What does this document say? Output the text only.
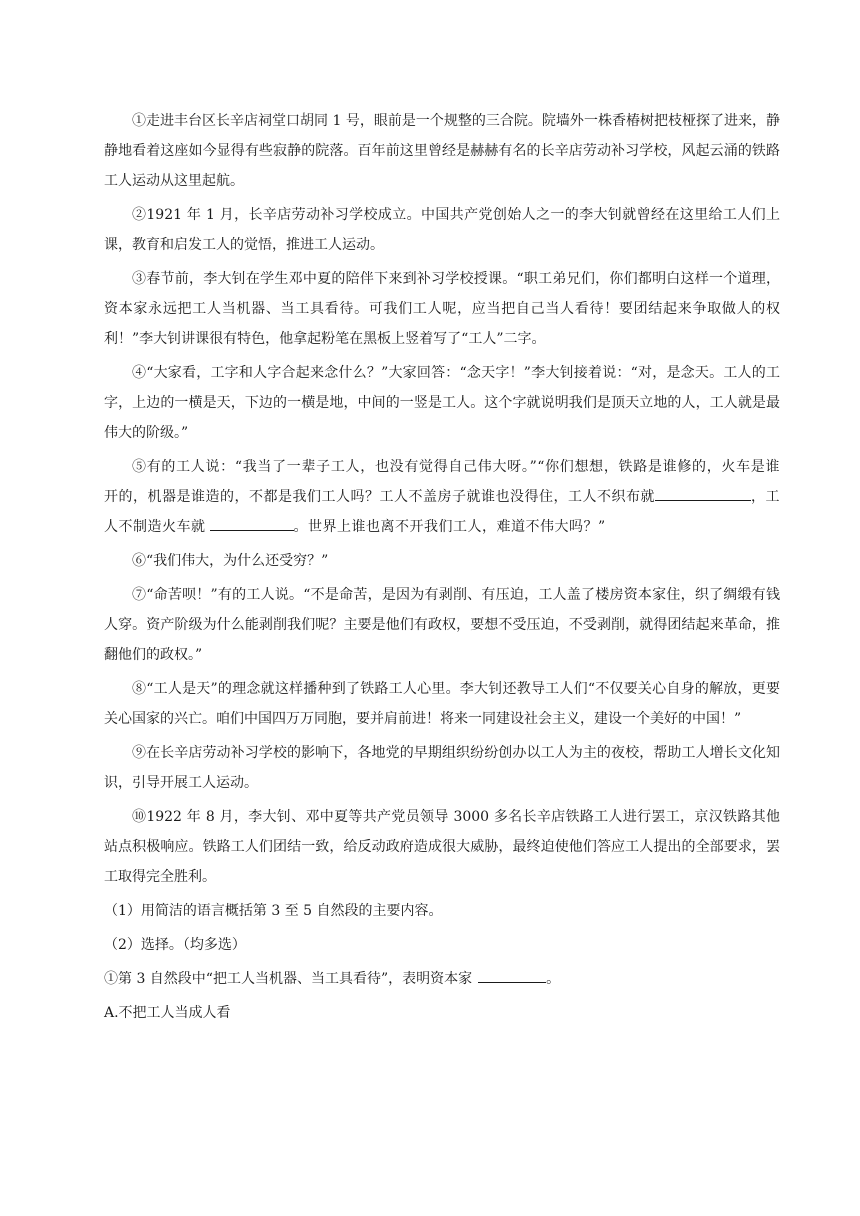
①走进丰台区长辛店祠堂口胡同 1 号，眼前是一个规整的三合院。院墙外一株香椿树把枝桠探了进来，静静地看着这座如今显得有些寂静的院落。百年前这里曾经是赫赫有名的长辛店劳动补习学校，风起云涌的铁路工人运动从这里起航。

②1921 年 1 月，长辛店劳动补习学校成立。中国共产党创始人之一的李大钊就曾经在这里给工人们上课，教育和启发工人的觉悟，推进工人运动。

③春节前，李大钊在学生邓中夏的陪伴下来到补习学校授课。“职工弟兄们，你们都明白这样一个道理，资本家永远把工人当机器、当工具看待。可我们工人呢，应当把自己当人看待！要团结起来争取做人的权利！”李大钊讲课很有特色，他拿起粉笔在黑板上竖着写了“工人”二字。

④“大家看，工字和人字合起来念什么？”大家回答：“念天字！”李大钊接着说：“对，是念天。工人的工字，上边的一横是天，下边的一横是地，中间的一竖是工人。这个字就说明我们是顶天立地的人，工人就是最伟大的阶级。”

⑤有的工人说：“我当了一辈子工人，也没有觉得自己伟大呀。”“你们想想，铁路是谁修的，火车是谁开的，机器是谁造的，不都是我们工人吗？工人不盖房子就谁也没得住，工人不织布就	，工人不制造火车就	。世界上谁也离不开我们工人，难道不伟大吗？”

⑥“我们伟大，为什么还受穷？”

⑦“命苦呗！”有的工人说。“不是命苦，是因为有剥削、有压迫，工人盖了楼房资本家住，织了绸缎有钱人穿。资产阶级为什么能剥削我们呢？主要是他们有政权，要想不受压迫，不受剥削，就得团结起来革命，推翻他们的政权。”

⑧“工人是天”的理念就这样播种到了铁路工人心里。李大钊还教导工人们“不仅要关心自身的解放，更要关心国家的兴亡。咱们中国四万万同胞，要并肩前进！将来一同建设社会主义，建设一个美好的中国！”

⑨在长辛店劳动补习学校的影响下，各地党的早期组织纷纷创办以工人为主的夜校，帮助工人增长文化知识，引导开展工人运动。

⑩1922 年 8 月，李大钊、邓中夏等共产党员领导 3000 多名长辛店铁路工人进行罢工，京汉铁路其他站点积极响应。铁路工人们团结一致，给反动政府造成很大威胁，最终迫使他们答应工人提出的全部要求，罢工取得完全胜利。

（1）用简洁的语言概括第 3 至 5 自然段的主要内容。

（2）选择。（均多选）

①第 3 自然段中“把工人当机器、当工具看待”，表明资本家	。

A.不把工人当成人看
